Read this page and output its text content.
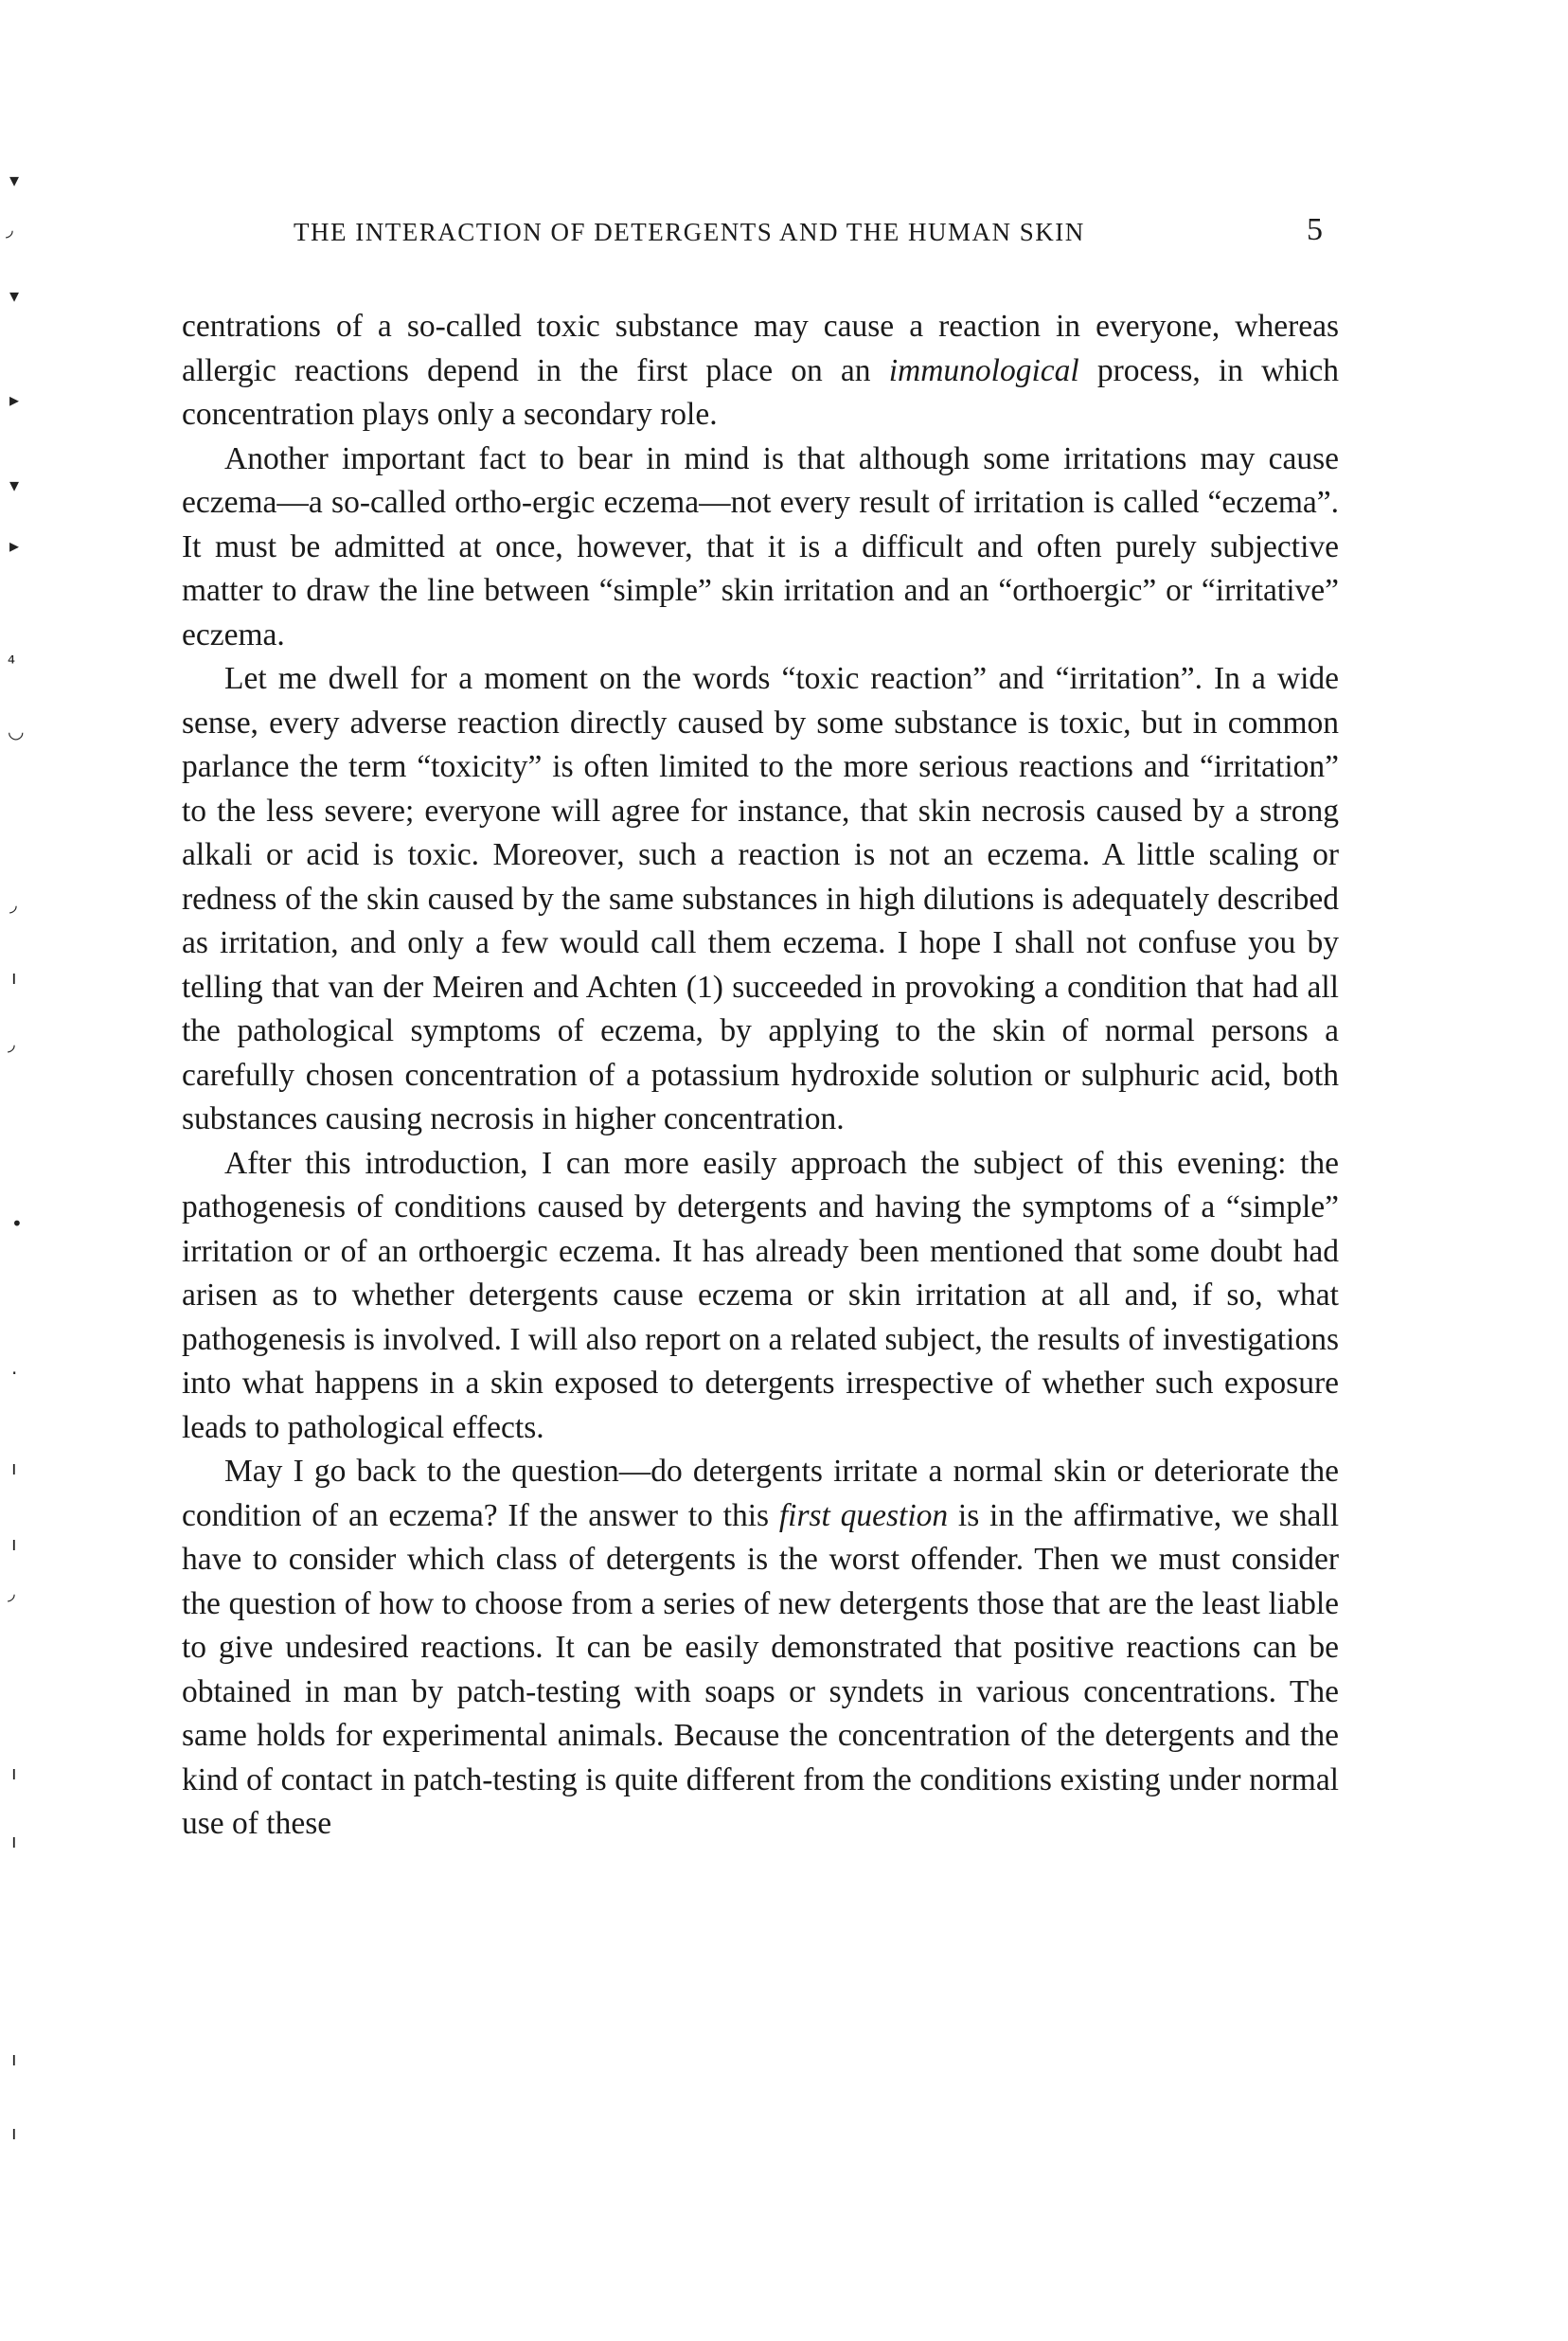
▾
◞
▾
▸
▾
▸
⁴
◡
◞
ı
◞
•
·
ı
ı
◞
ı
ı
ı
ı
THE INTERACTION OF DETERGENTS AND THE HUMAN SKIN	5

centrations of a so-called toxic substance may cause a reaction in everyone, whereas allergic reactions depend in the first place on an immunological process, in which concentration plays only a secondary role.

Another important fact to bear in mind is that although some irritations may cause eczema—a so-called ortho-ergic eczema—not every result of irritation is called “eczema”. It must be admitted at once, however, that it is a difficult and often purely subjective matter to draw the line between “simple” skin irritation and an “orthoergic” or “irritative” eczema.

Let me dwell for a moment on the words “toxic reaction” and “irritation”. In a wide sense, every adverse reaction directly caused by some substance is toxic, but in common parlance the term “toxicity” is often limited to the more serious reactions and “irritation” to the less severe; everyone will agree for instance, that skin necrosis caused by a strong alkali or acid is toxic. Moreover, such a reaction is not an eczema. A little scaling or redness of the skin caused by the same substances in high dilutions is adequately described as irritation, and only a few would call them eczema. I hope I shall not confuse you by telling that van der Meiren and Achten (1) succeeded in provoking a condition that had all the pathological symptoms of eczema, by applying to the skin of normal persons a carefully chosen concentration of a potassium hydroxide solution or sulphuric acid, both substances causing necrosis in higher concentration.

After this introduction, I can more easily approach the subject of this evening: the pathogenesis of conditions caused by detergents and having the symptoms of a “simple” irritation or of an orthoergic eczema. It has already been mentioned that some doubt had arisen as to whether detergents cause eczema or skin irritation at all and, if so, what pathogenesis is involved. I will also report on a related subject, the results of investigations into what happens in a skin exposed to detergents irrespective of whether such exposure leads to pathological effects.

May I go back to the question—do detergents irritate a normal skin or deteriorate the condition of an eczema? If the answer to this first question is in the affirmative, we shall have to consider which class of detergents is the worst offender. Then we must consider the question of how to choose from a series of new detergents those that are the least liable to give undesired reactions. It can be easily demonstrated that positive reactions can be obtained in man by patch-testing with soaps or syndets in various concentrations. The same holds for experimental animals. Because the concentration of the detergents and the kind of contact in patch-testing is quite different from the conditions existing under normal use of these
